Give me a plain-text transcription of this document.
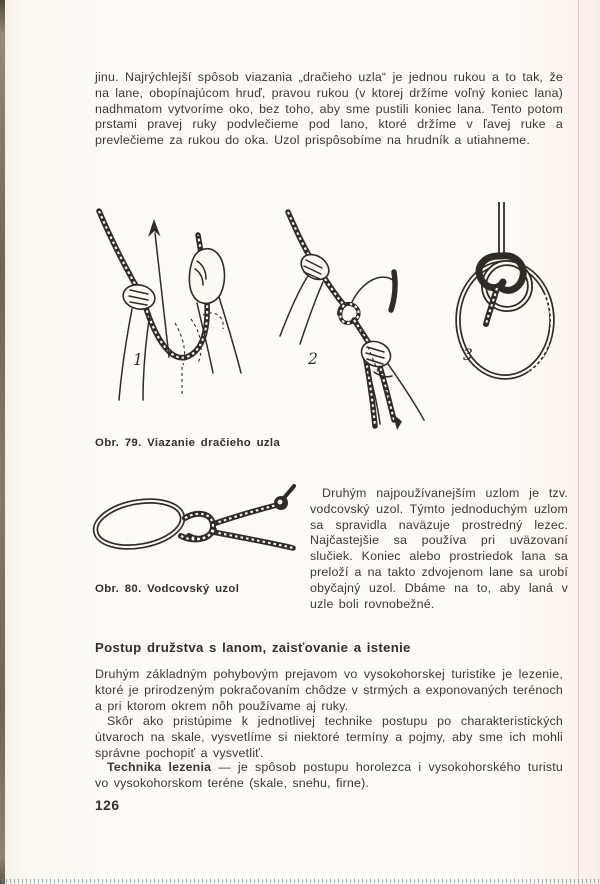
jinu. Najrýchlejší spôsob viazania „dračieho uzla“ je jednou rukou a to tak, že na lane, obopínajúcom hruď, pravou rukou (v ktorej držíme voľný koniec lana) nadhmatom vytvoríme oko, bez toho, aby sme pustili koniec lana. Tento potom prstami pravej ruky podvlečieme pod lano, ktoré držíme v ľavej ruke a prevlečieme za rukou do oka. Uzol prispôsobíme na hrudník a utiahneme.

1	2	3
Obr. 79. Viazanie dračieho uzla

Druhým najpoužívanejším uzlom je tzv. vodcovský uzol. Týmto jednoduchým uzlom sa spravidla naväzuje prostredný lezec. Najčastejšie sa používa pri uväzovaní slučiek. Koniec alebo prostriedok lana sa preloží a na takto zdvojenom lane sa urobí obyčajný uzol. Dbáme na to, aby laná v uzle boli rovnobežné.

Obr. 80. Vodcovský uzol
Postup družstva s lanom, zaisťovanie a istenie

Druhým základným pohybovým prejavom vo vysokohorskej turistike je lezenie, ktoré je prirodzeným pokračovaním chôdze v strmých a exponovaných terénoch a pri ktorom okrem nôh používame aj ruky.

Skôr ako pristúpime k jednotlivej technike postupu po charakteristických útvaroch na skale, vysvetlíme si niektoré termíny a pojmy, aby sme ich mohli správne pochopiť a vysvetliť.

Technika lezenia — je spôsob postupu horolezca i vysokohorského turistu vo vysokohorskom teréne (skale, snehu, firne).

126
